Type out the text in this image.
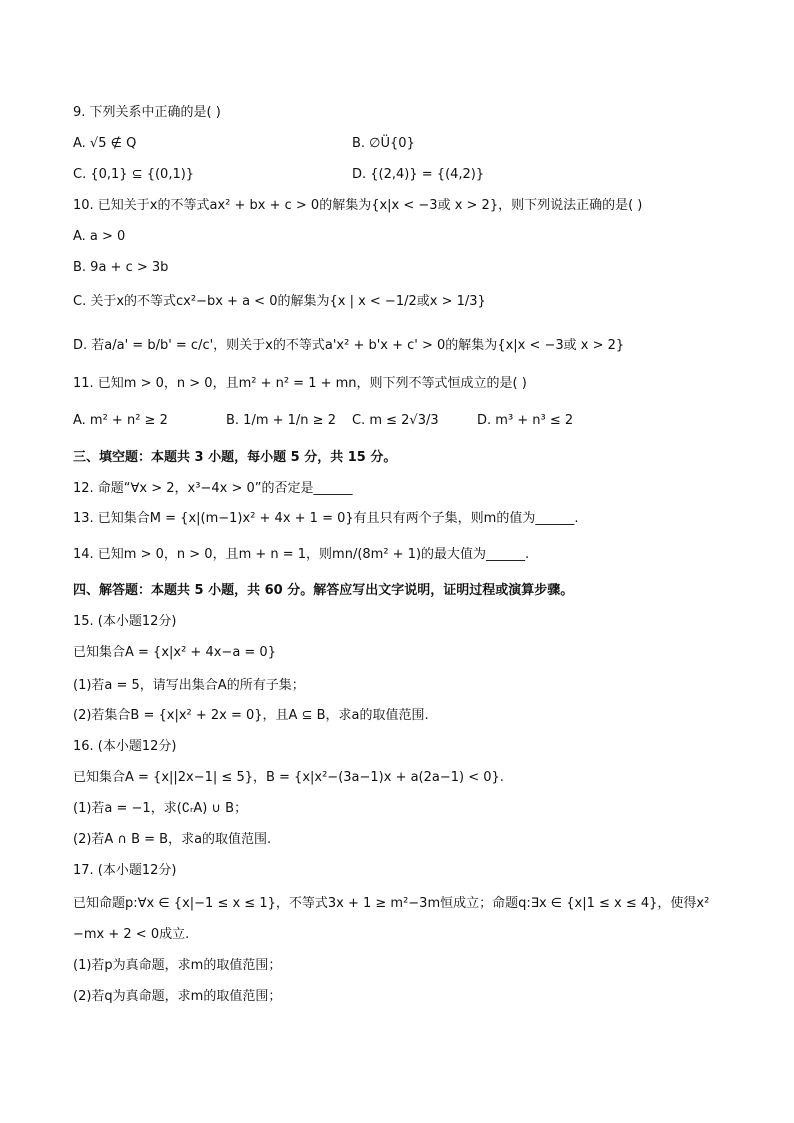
9. 下列关系中正确的是( )
A. √5 ∉ Q	B. ∅Ü{0}
C. {0,1} ⊆ {(0,1)}	D. {(2,4)} = {(4,2)}
10. 已知关于x的不等式ax² + bx + c > 0的解集为{x|x < −3或 x > 2}，则下列说法正确的是( )
A. a > 0
B. 9a + c > 3b
C. 关于x的不等式cx²−bx + a < 0的解集为{x | x < −1/2或x > 1/3}
D. 若a/a' = b/b' = c/c'，则关于x的不等式a'x² + b'x + c' > 0的解集为{x|x < −3或 x > 2}
11. 已知m > 0，n > 0，且m² + n² = 1 + mn，则下列不等式恒成立的是( )
A. m² + n² ≥ 2	B. 1/m + 1/n ≥ 2 C. m ≤ 2√3/3	D. m³ + n³ ≤ 2
三、填空题：本题共 3 小题，每小题 5 分，共 15 分。
12. 命题“∀x > 2，x³−4x > 0”的否定是______
13. 已知集合M = {x|(m−1)x² + 4x + 1 = 0}有且只有两个子集，则m的值为______.
14. 已知m > 0，n > 0，且m + n = 1，则mn/(8m² + 1)的最大值为______.
四、解答题：本题共 5 小题，共 60 分。解答应写出文字说明，证明过程或演算步骤。
15. (本小题12分)
已知集合A = {x|x² + 4x−a = 0}
(1)若a = 5，请写出集合A的所有子集；
(2)若集合B = {x|x² + 2x = 0}，且A ⊆ B，求a的取值范围.
16. (本小题12分)
已知集合A = {x||2x−1| ≤ 5}，B = {x|x²−(3a−1)x + a(2a−1) < 0}.
(1)若a = −1，求(∁ᵣA) ∪ B；
(2)若A ∩ B = B，求a的取值范围.
17. (本小题12分)
已知命题p:∀x ∈ {x|−1 ≤ x ≤ 1}，不等式3x + 1 ≥ m²−3m恒成立；命题q:∃x ∈ {x|1 ≤ x ≤ 4}，使得x²
−mx + 2 < 0成立.
(1)若p为真命题，求m的取值范围；
(2)若q为真命题，求m的取值范围；
